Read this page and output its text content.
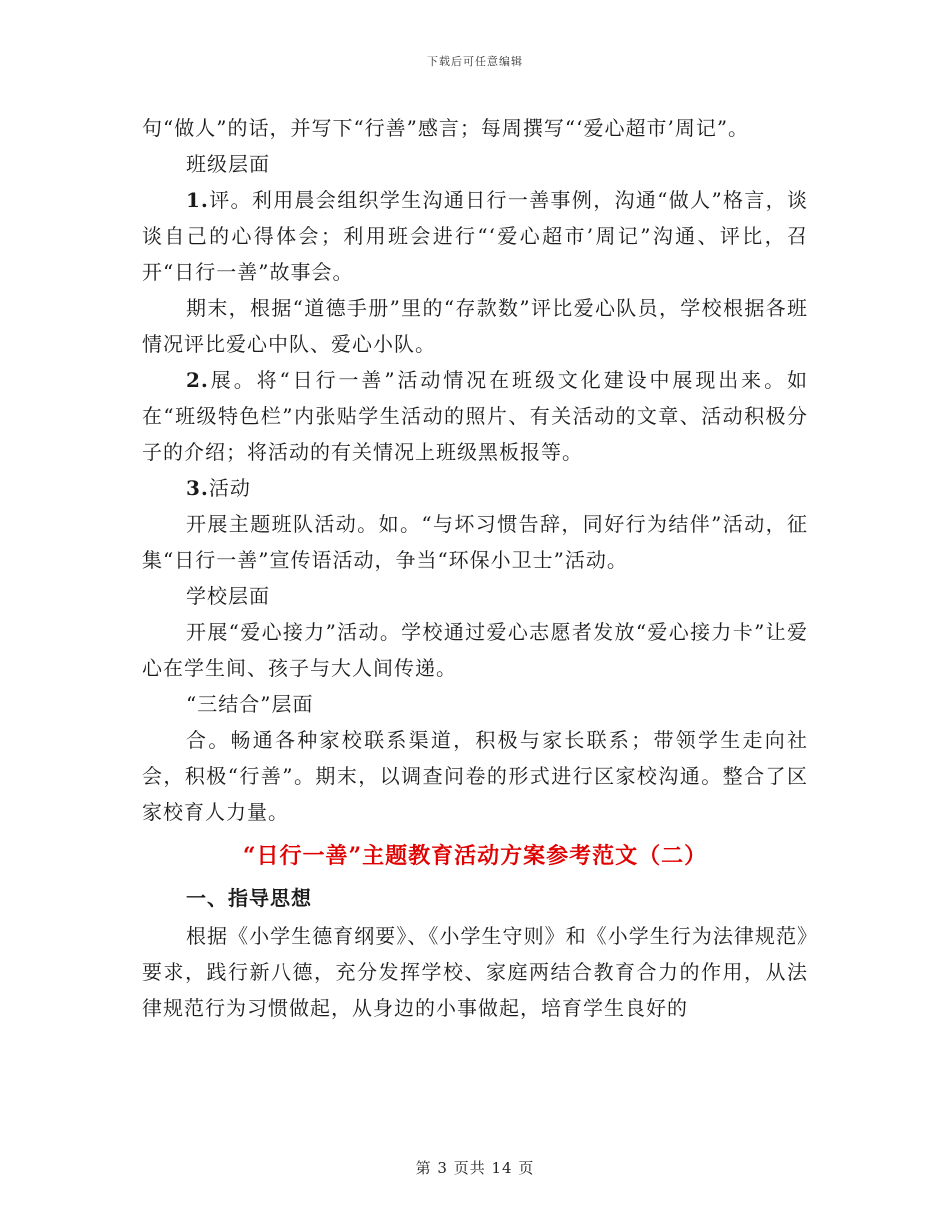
下载后可任意编辑

句“做人”的话，并写下“行善”感言；每周撰写“‘爱心超市’周记”。

班级层面

1.评。利用晨会组织学生沟通日行一善事例，沟通“做人”格言，谈谈自己的心得体会；利用班会进行“‘爱心超市’周记”沟通、评比，召开“日行一善”故事会。

期末，根据“道德手册”里的“存款数”评比爱心队员，学校根据各班情况评比爱心中队、爱心小队。

2.展。将“日行一善”活动情况在班级文化建设中展现出来。如在“班级特色栏”内张贴学生活动的照片、有关活动的文章、活动积极分子的介绍；将活动的有关情况上班级黑板报等。

3.活动

开展主题班队活动。如。“与坏习惯告辞，同好行为结伴”活动，征集“日行一善”宣传语活动，争当“环保小卫士”活动。

学校层面

开展“爱心接力”活动。学校通过爱心志愿者发放“爱心接力卡”让爱心在学生间、孩子与大人间传递。

“三结合”层面

合。畅通各种家校联系渠道，积极与家长联系；带领学生走向社会，积极“行善”。期末，以调查问卷的形式进行区家校沟通。整合了区家校育人力量。

“日行一善”主题教育活动方案参考范文（二）
一、指导思想

根据《小学生德育纲要》、《小学生守则》和《小学生行为法律规范》要求，践行新八德，充分发挥学校、家庭两结合教育合力的作用，从法律规范行为习惯做起，从身边的小事做起，培育学生良好的

第 3 页共 14 页
